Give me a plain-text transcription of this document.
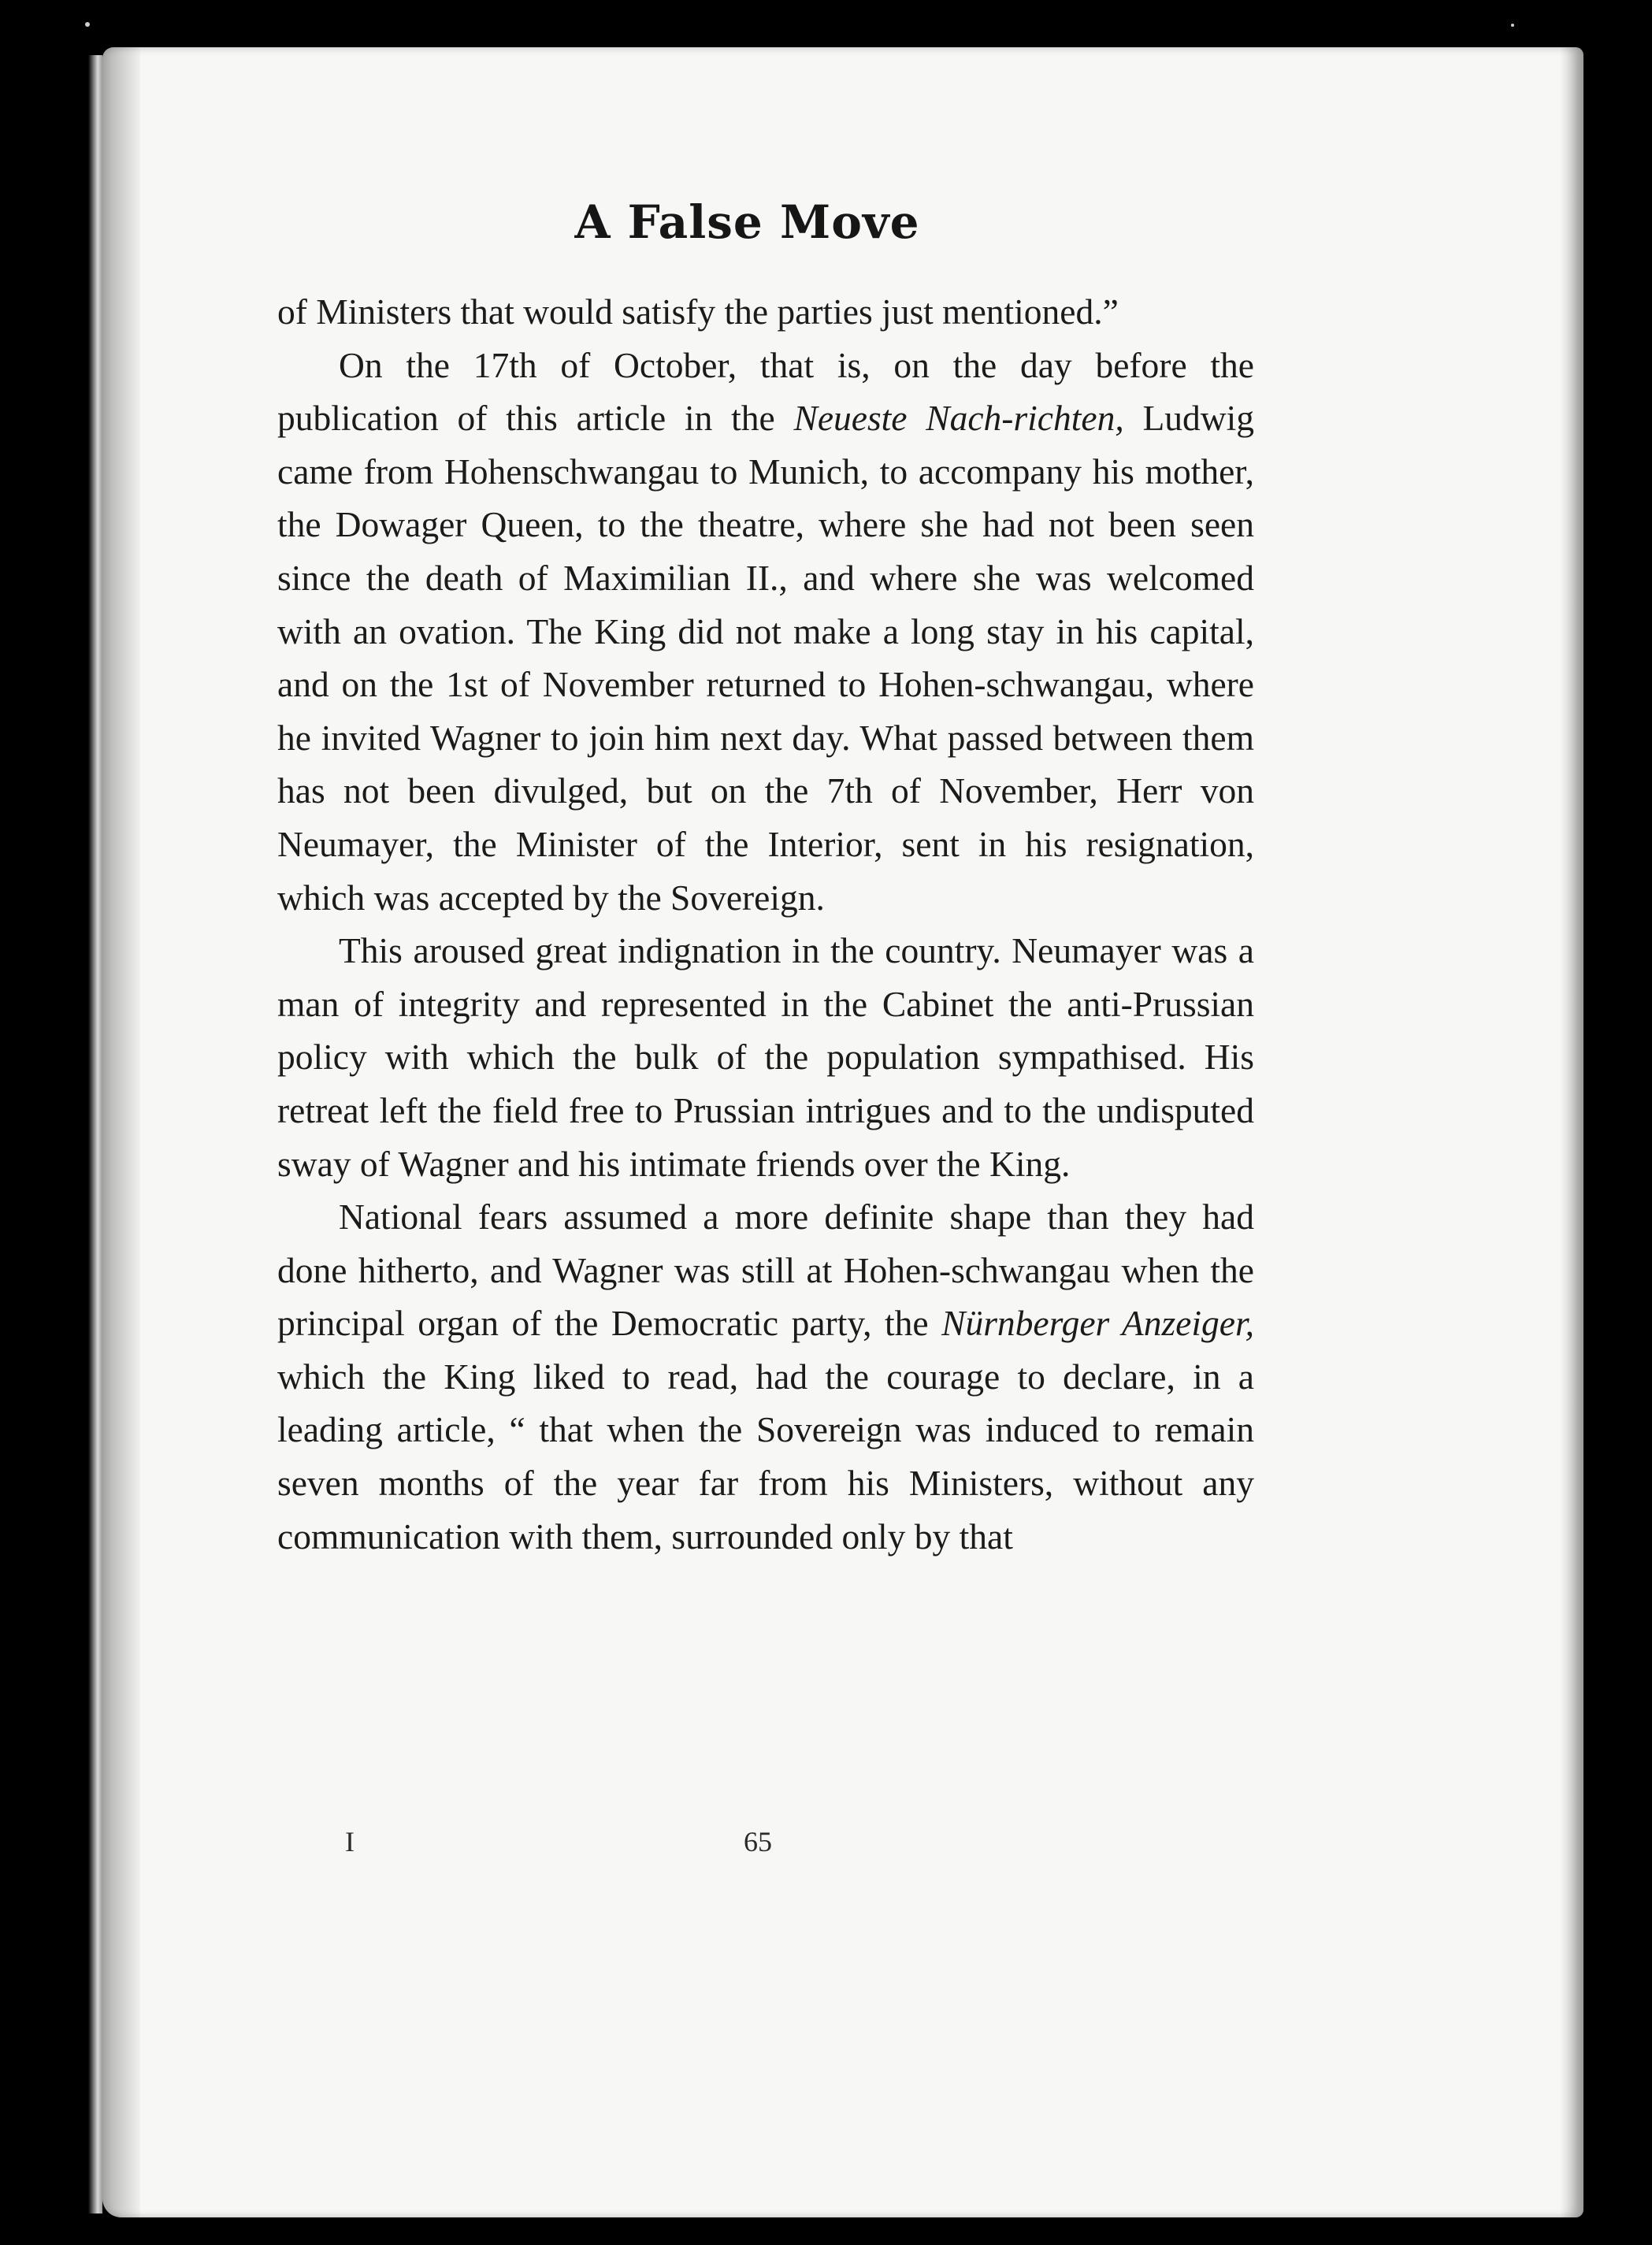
A False Move

of Ministers that would satisfy the parties just mentioned.”

On the 17th of October, that is, on the day before the publication of this article in the Neueste Nach-richten, Ludwig came from Hohenschwangau to Munich, to accompany his mother, the Dowager Queen, to the theatre, where she had not been seen since the death of Maximilian II., and where she was welcomed with an ovation. The King did not make a long stay in his capital, and on the 1st of November returned to Hohen-schwangau, where he invited Wagner to join him next day. What passed between them has not been divulged, but on the 7th of November, Herr von Neumayer, the Minister of the Interior, sent in his resignation, which was accepted by the Sovereign.

This aroused great indignation in the country. Neumayer was a man of integrity and represented in the Cabinet the anti-Prussian policy with which the bulk of the population sympathised. His retreat left the field free to Prussian intrigues and to the undisputed sway of Wagner and his intimate friends over the King.

National fears assumed a more definite shape than they had done hitherto, and Wagner was still at Hohen-schwangau when the principal organ of the Democratic party, the Nürnberger Anzeiger, which the King liked to read, had the courage to declare, in a leading article, “ that when the Sovereign was induced to remain seven months of the year far from his Ministers, without any communication with them, surrounded only by that

I	65
